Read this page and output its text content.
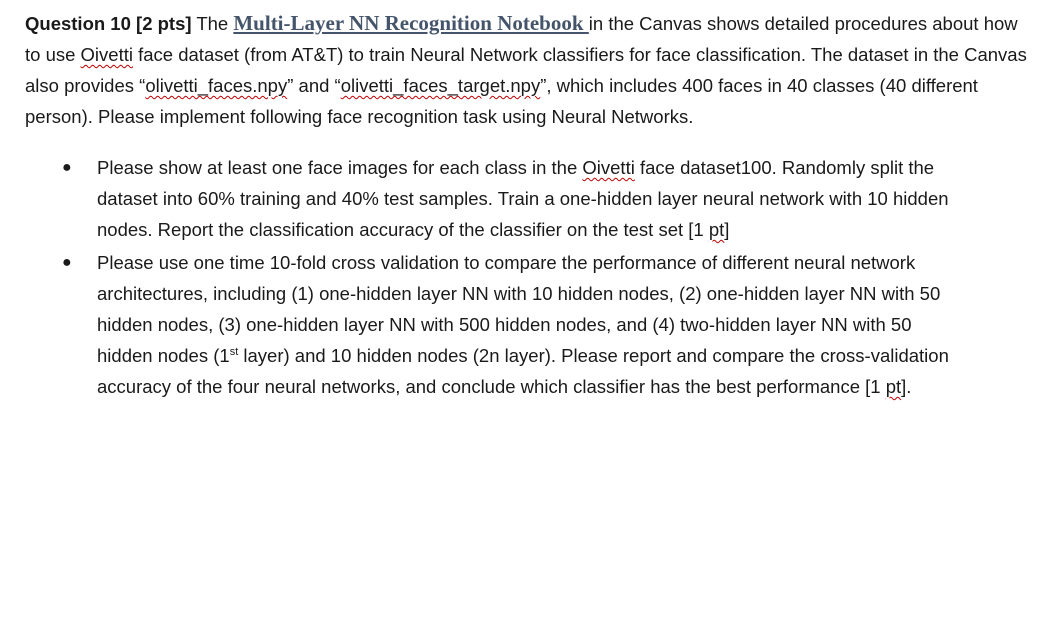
Question 10 [2 pts] The Multi-Layer NN Recognition Notebook in the Canvas shows detailed procedures about how to use Oivetti face dataset (from AT&T) to train Neural Network classifiers for face classification. The dataset in the Canvas also provides “olivetti_faces.npy” and “olivetti_faces_target.npy”, which includes 400 faces in 40 classes (40 different person). Please implement following face recognition task using Neural Networks.

● Please show at least one face images for each class in the Oivetti face dataset100. Randomly split the dataset into 60% training and 40% test samples. Train a one-hidden layer neural network with 10 hidden nodes. Report the classification accuracy of the classifier on the test set [1 pt]
● Please use one time 10-fold cross validation to compare the performance of different neural network architectures, including (1) one-hidden layer NN with 10 hidden nodes, (2) one-hidden layer NN with 50 hidden nodes, (3) one-hidden layer NN with 500 hidden nodes, and (4) two-hidden layer NN with 50 hidden nodes (1st layer) and 10 hidden nodes (2n layer). Please report and compare the cross-validation accuracy of the four neural networks, and conclude which classifier has the best performance [1 pt].
